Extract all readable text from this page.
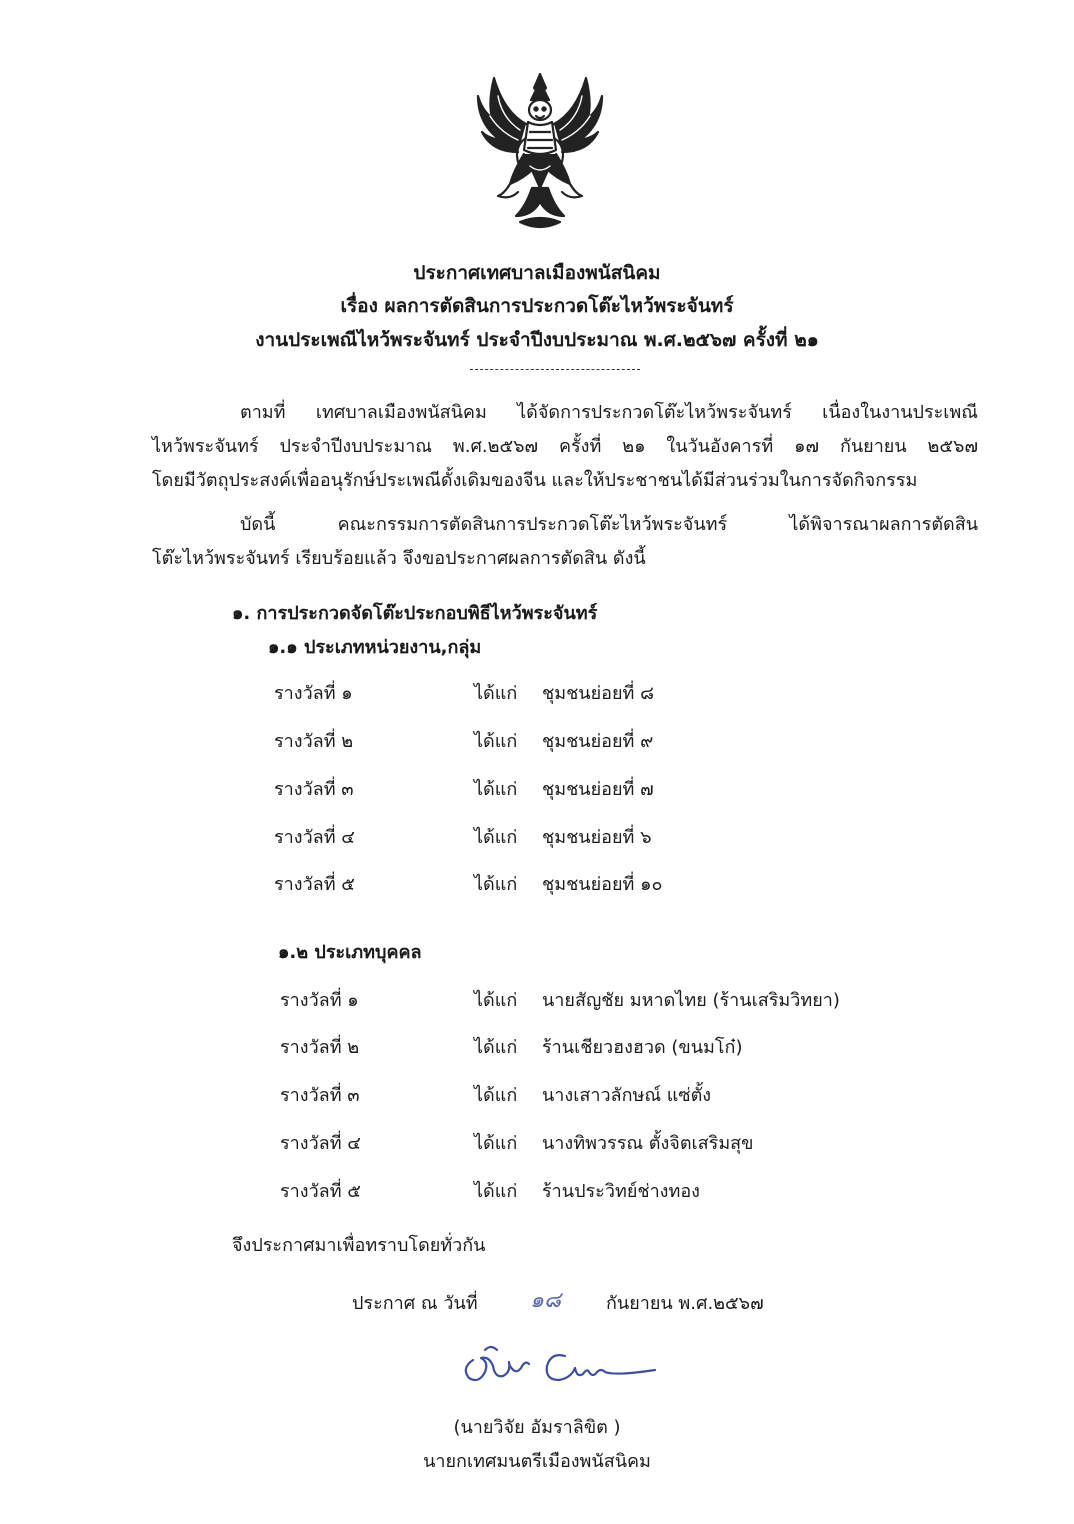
ประกาศเทศบาลเมืองพนัสนิคม
เรื่อง ผลการตัดสินการประกวดโต๊ะไหว้พระจันทร์
งานประเพณีไหว้พระจันทร์ ประจำปีงบประมาณ พ.ศ.๒๕๖๗ ครั้งที่ ๒๑
ตามที่ เทศบาลเมืองพนัสนิคม ได้จัดการประกวดโต๊ะไหว้พระจันทร์ เนื่องในงานประเพณี
ไหว้พระจันทร์ ประจำปีงบประมาณ พ.ศ.๒๕๖๗ ครั้งที่ ๒๑ ในวันอังคารที่ ๑๗ กันยายน ๒๕๖๗
โดยมีวัตถุประสงค์เพื่ออนุรักษ์ประเพณีดั้งเดิมของจีน และให้ประชาชนได้มีส่วนร่วมในการจัดกิจกรรม
บัดนี้ คณะกรรมการตัดสินการประกวดโต๊ะไหว้พระจันทร์ ได้พิจารณาผลการตัดสิน
โต๊ะไหว้พระจันทร์ เรียบร้อยแล้ว จึงขอประกาศผลการตัดสิน ดังนี้
๑. การประกวดจัดโต๊ะประกอบพิธีไหว้พระจันทร์
๑.๑ ประเภทหน่วยงาน,กลุ่ม
รางวัลที่ ๑	ได้แก่ ชุมชนย่อยที่ ๘
รางวัลที่ ๒	ได้แก่ ชุมชนย่อยที่ ๙
รางวัลที่ ๓	ได้แก่ ชุมชนย่อยที่ ๗
รางวัลที่ ๔	ได้แก่ ชุมชนย่อยที่ ๖
รางวัลที่ ๕	ได้แก่ ชุมชนย่อยที่ ๑๐
๑.๒ ประเภทบุคคล
รางวัลที่ ๑	ได้แก่ นายสัญชัย มหาดไทย (ร้านเสริมวิทยา)
รางวัลที่ ๒	ได้แก่ ร้านเชียวฮงฮวด (ขนมโก๋)
รางวัลที่ ๓	ได้แก่ นางเสาวลักษณ์ แซ่ตั้ง
รางวัลที่ ๔	ได้แก่ นางทิพวรรณ ตั้งจิตเสริมสุข
รางวัลที่ ๕	ได้แก่ ร้านประวิทย์ช่างทอง
จึงประกาศมาเพื่อทราบโดยทั่วกัน
ประกาศ ณ วันที่ ๑๘	กันยายน พ.ศ.๒๕๖๗
(นายวิจัย อัมราลิขิต )
นายกเทศมนตรีเมืองพนัสนิคม
